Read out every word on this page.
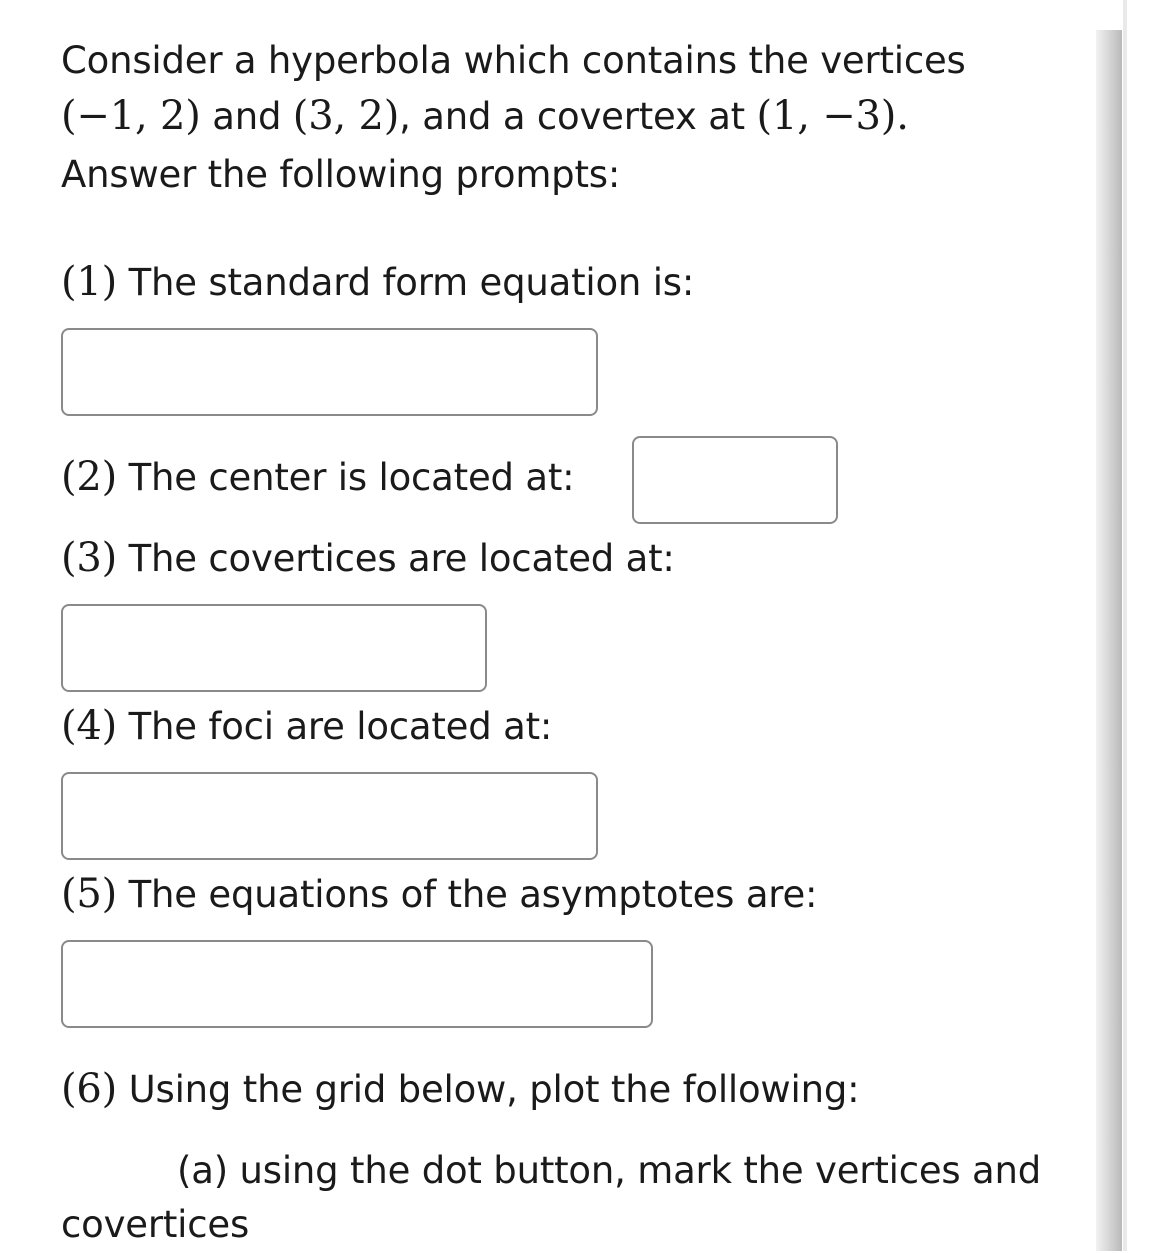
Consider a hyperbola which contains the vertices
(−1, 2) and (3, 2), and a covertex at (1, −3).
Answer the following prompts:
(1) The standard form equation is:
(2) The center is located at:
(3) The covertices are located at:
(4) The foci are located at:
(5) The equations of the asymptotes are:
(6) Using the grid below, plot the following:
(a) using the dot button, mark the vertices and
covertices
